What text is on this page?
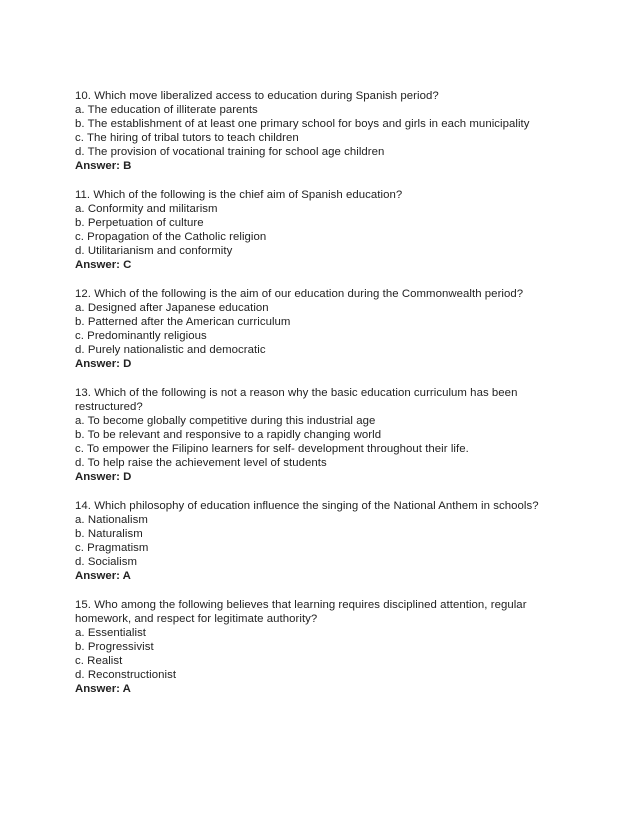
10. Which move liberalized access to education during Spanish period?
a. The education of illiterate parents
b. The establishment of at least one primary school for boys and girls in each municipality
c. The hiring of tribal tutors to teach children
d. The provision of vocational training for school age children
Answer: B
11. Which of the following is the chief aim of Spanish education?
a. Conformity and militarism
b. Perpetuation of culture
c. Propagation of the Catholic religion
d. Utilitarianism and conformity
Answer: C
12. Which of the following is the aim of our education during the Commonwealth period?
a. Designed after Japanese education
b. Patterned after the American curriculum
c. Predominantly religious
d. Purely nationalistic and democratic
Answer: D
13. Which of the following is not a reason why the basic education curriculum has been restructured?
a. To become globally competitive during this industrial age
b. To be relevant and responsive to a rapidly changing world
c. To empower the Filipino learners for self- development throughout their life.
d. To help raise the achievement level of students
Answer: D
14. Which philosophy of education influence the singing of the National Anthem in schools?
a. Nationalism
b. Naturalism
c. Pragmatism
d. Socialism
Answer: A
15. Who among the following believes that learning requires disciplined attention, regular homework, and respect for legitimate authority?
a. Essentialist
b. Progressivist
c. Realist
d. Reconstructionist
Answer: A
